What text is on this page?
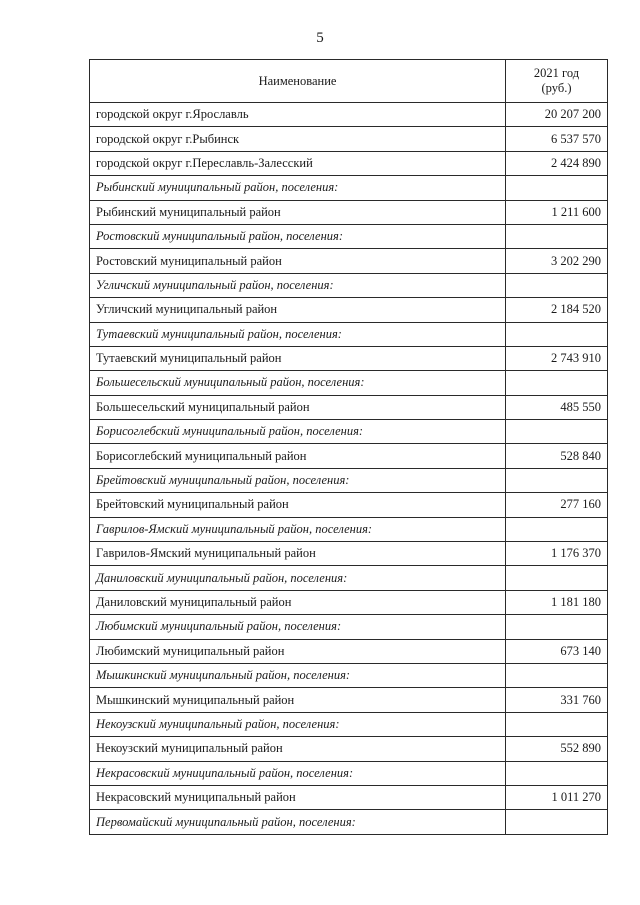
5
Наименование	2021 год
(руб.)
городской округ г.Ярославль	20 207 200
городской округ г.Рыбинск	6 537 570
городской округ г.Переславль-Залесский	2 424 890
Рыбинский муниципальный район, поселения:	
Рыбинский муниципальный район	1 211 600
Ростовский муниципальный район, поселения:	
Ростовский муниципальный район	3 202 290
Угличский муниципальный район, поселения:	
Угличский муниципальный район	2 184 520
Тутаевский муниципальный район, поселения:	
Тутаевский муниципальный район	2 743 910
Большесельский муниципальный район, поселения:	
Большесельский муниципальный район	485 550
Борисоглебский муниципальный район, поселения:	
Борисоглебский муниципальный район	528 840
Брейтовский муниципальный район, поселения:	
Брейтовский муниципальный район	277 160
Гаврилов-Ямский муниципальный район, поселения:	
Гаврилов-Ямский муниципальный район	1 176 370
Даниловский муниципальный район, поселения:	
Даниловский муниципальный район	1 181 180
Любимский муниципальный район, поселения:	
Любимский муниципальный район	673 140
Мышкинский муниципальный район, поселения:	
Мышкинский муниципальный район	331 760
Некоузский муниципальный район, поселения:	
Некоузский муниципальный район	552 890
Некрасовский муниципальный район, поселения:	
Некрасовский муниципальный район	1 011 270
Первомайский муниципальный район, поселения:	
